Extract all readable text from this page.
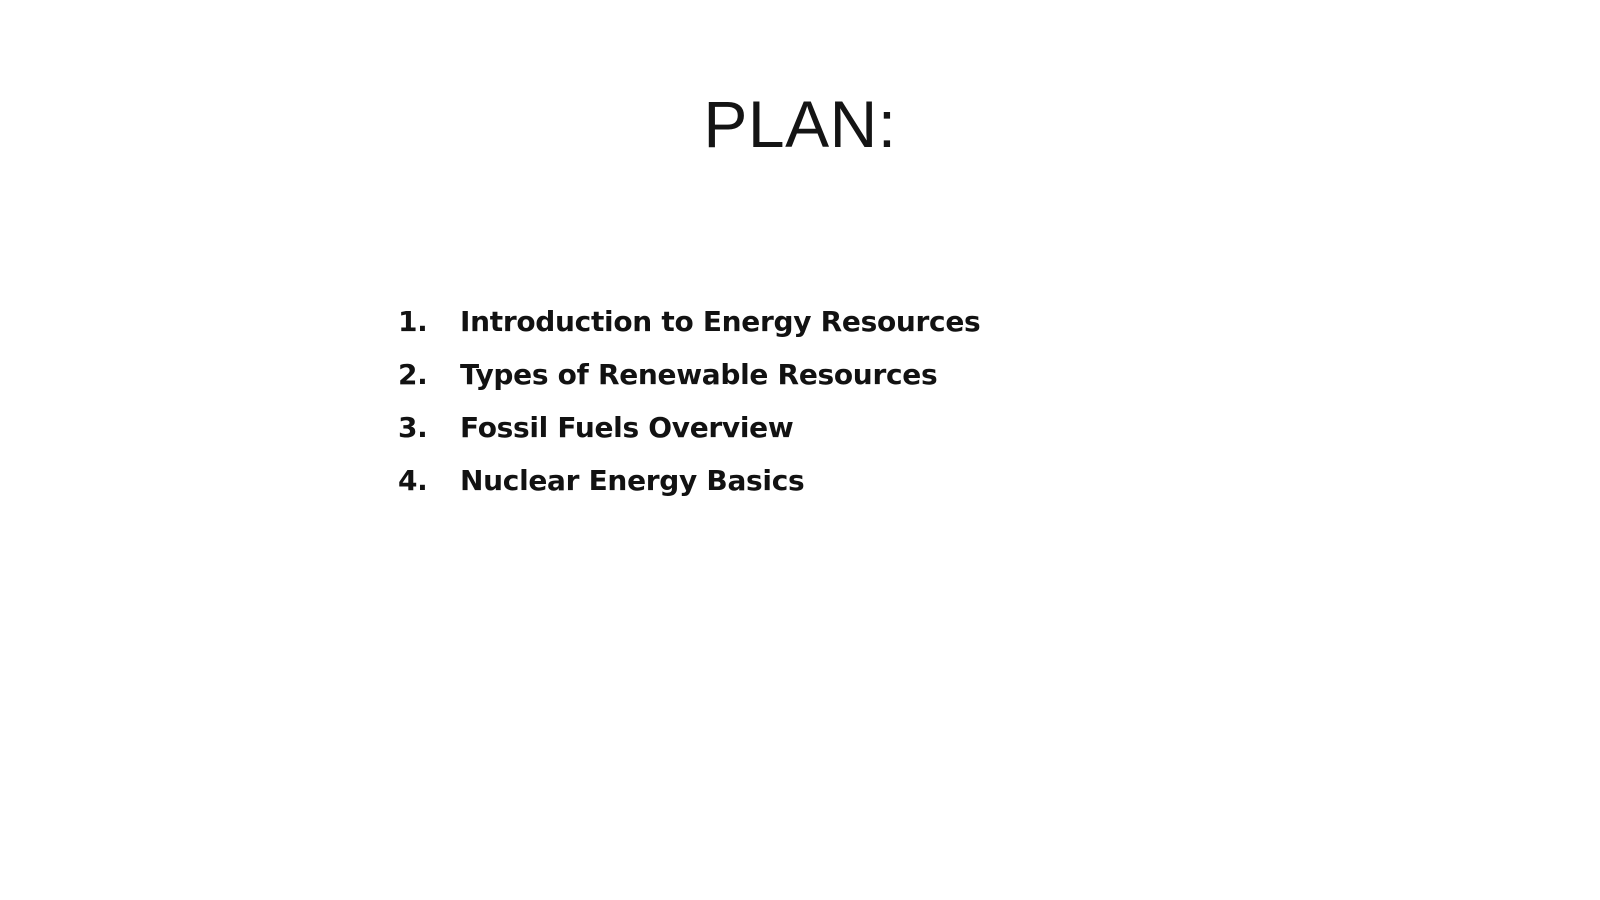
PLAN:
1.	Introduction to Energy Resources
2.	Types of Renewable Resources
3.	Fossil Fuels Overview
4.	Nuclear Energy Basics
